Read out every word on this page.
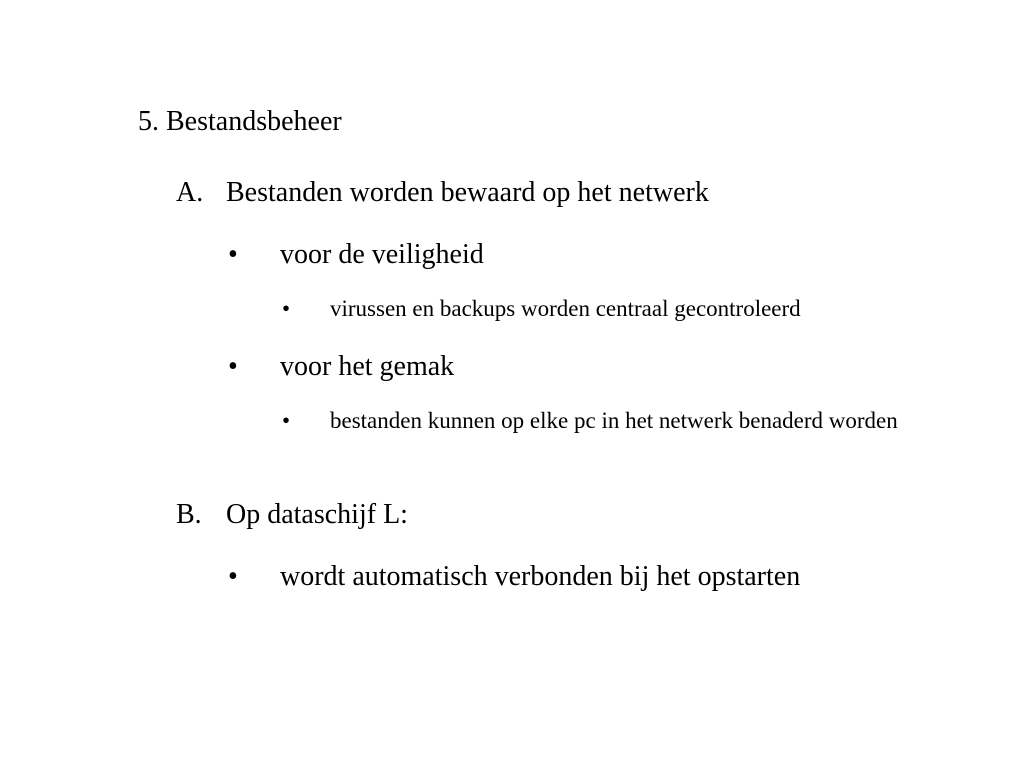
5. Bestandsbeheer
A. Bestanden worden bewaard op het netwerk
• voor de veiligheid
• virussen en backups worden centraal gecontroleerd
• voor het gemak
• bestanden kunnen op elke pc in het netwerk benaderd worden
B. Op dataschijf L:
• wordt automatisch verbonden bij het opstarten
